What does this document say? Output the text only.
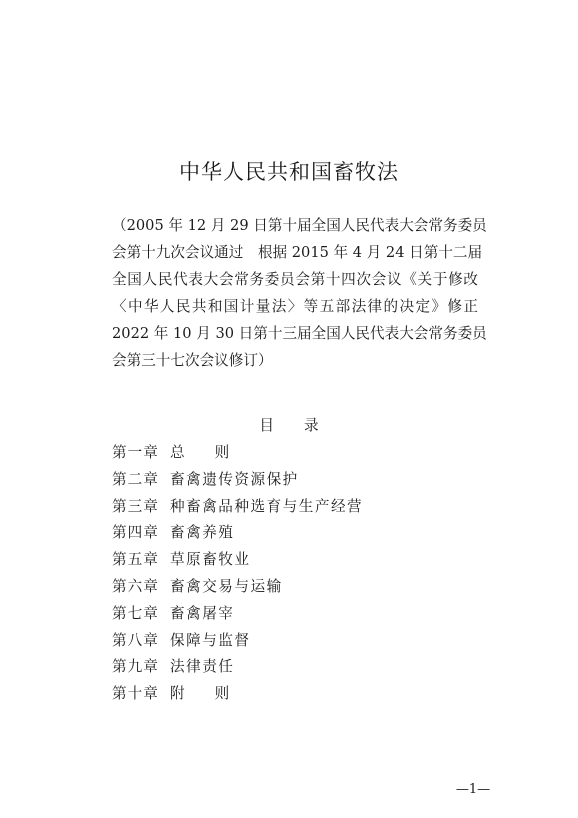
中华人民共和国畜牧法
（2005 年 12 月 29 日第十届全国人民代表大会常务委员
会第十九次会议通过　根据 2015 年 4 月 24 日第十二届
全国人民代表大会常务委员会第十四次会议《关于修改
〈中华人民共和国计量法〉等五部法律的决定》修正
2022 年 10 月 30 日第十三届全国人民代表大会常务委员
会第三十七次会议修订）
目 录
第一章 总则
第二章 畜禽遗传资源保护
第三章 种畜禽品种选育与生产经营
第四章 畜禽养殖
第五章 草原畜牧业
第六章 畜禽交易与运输
第七章 畜禽屠宰
第八章 保障与监督
第九章 法律责任
第十章 附则
—1—
